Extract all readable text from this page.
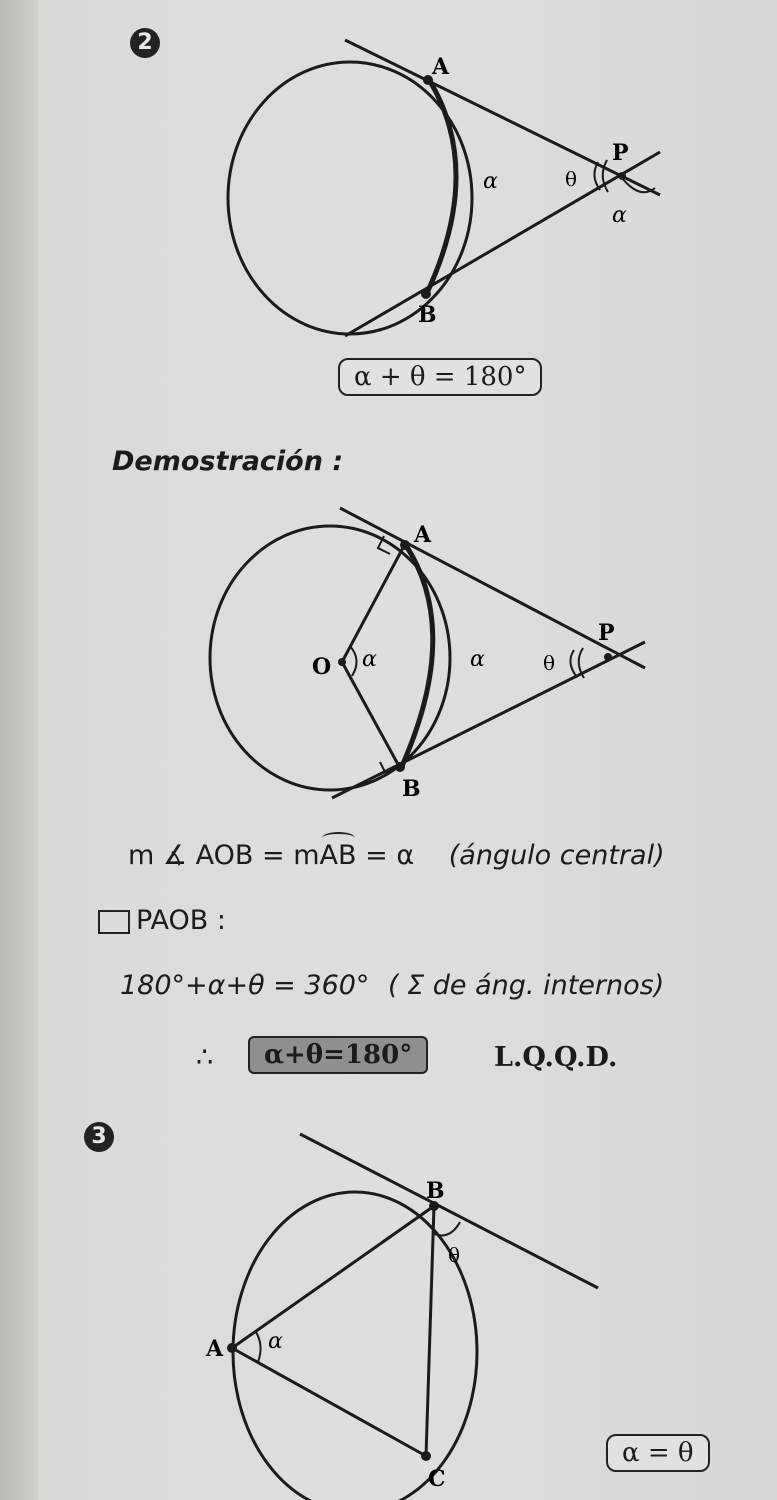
2
A
P
B
α	θ
α
α + θ = 180°
Demostración :
A
P
B
O α	α	θ
m ∡ AOB = mAB = α (ángulo central)
PAOB :
180°+α+θ = 360° ( Σ de áng. internos)
∴	α+θ=180°	L.Q.Q.D.
3
B
A
C
α
θ
α = θ
